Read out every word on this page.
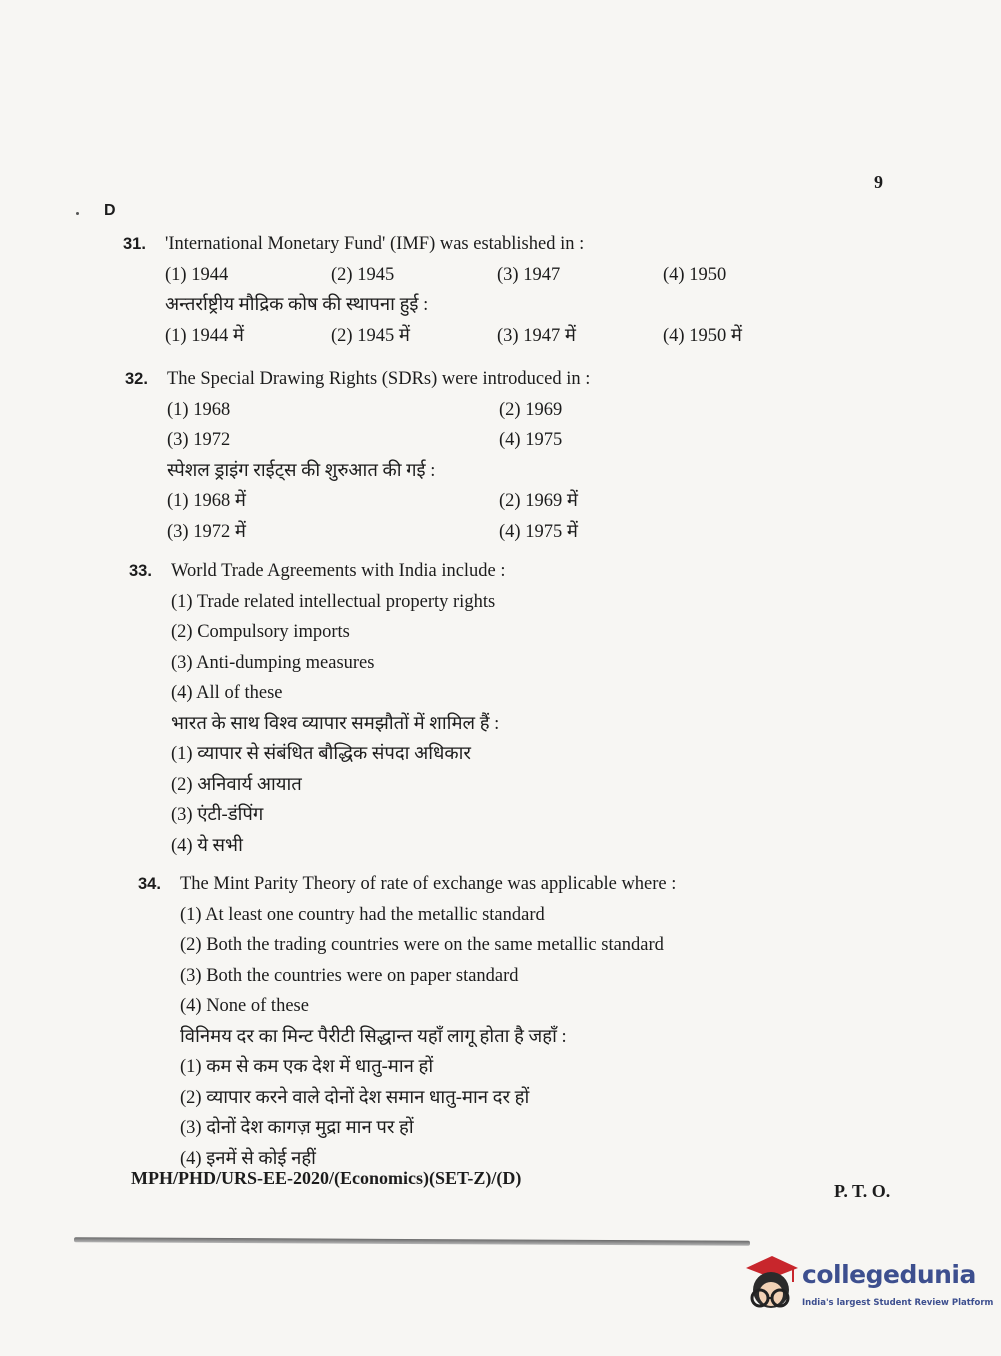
9
D
31.	'International Monetary Fund' (IMF) was established in :
(1) 1944	(2) 1945	(3) 1947	(4) 1950
अन्तर्राष्ट्रीय मौद्रिक कोष की स्थापना हुई :
(1) 1944 में	(2) 1945 में	(3) 1947 में	(4) 1950 में
32.	The Special Drawing Rights (SDRs) were introduced in :
(1) 1968	(2) 1969
(3) 1972	(4) 1975
स्पेशल ड्राइंग राईट्स की शुरुआत की गई :
(1) 1968 में	(2) 1969 में
(3) 1972 में	(4) 1975 में
33.	World Trade Agreements with India include :
(1) Trade related intellectual property rights
(2) Compulsory imports
(3) Anti-dumping measures
(4) All of these
भारत के साथ विश्व व्यापार समझौतों में शामिल हैं :
(1) व्यापार से संबंधित बौद्धिक संपदा अधिकार
(2) अनिवार्य आयात
(3) एंटी-डंपिंग
(4) ये सभी
34.	The Mint Parity Theory of rate of exchange was applicable where :
(1) At least one country had the metallic standard
(2) Both the trading countries were on the same metallic standard
(3) Both the countries were on paper standard
(4) None of these
विनिमय दर का मिन्ट पैरीटी सिद्धान्त यहाँ लागू होता है जहाँ :
(1) कम से कम एक देश में धातु-मान हों
(2) व्यापार करने वाले दोनों देश समान धातु-मान दर हों
(3) दोनों देश कागज़ मुद्रा मान पर हों
(4) इनमें से कोई नहीं
MPH/PHD/URS-EE-2020/(Economics)(SET-Z)/(D)
P. T. O.
collegedunia
India's largest Student Review Platform
